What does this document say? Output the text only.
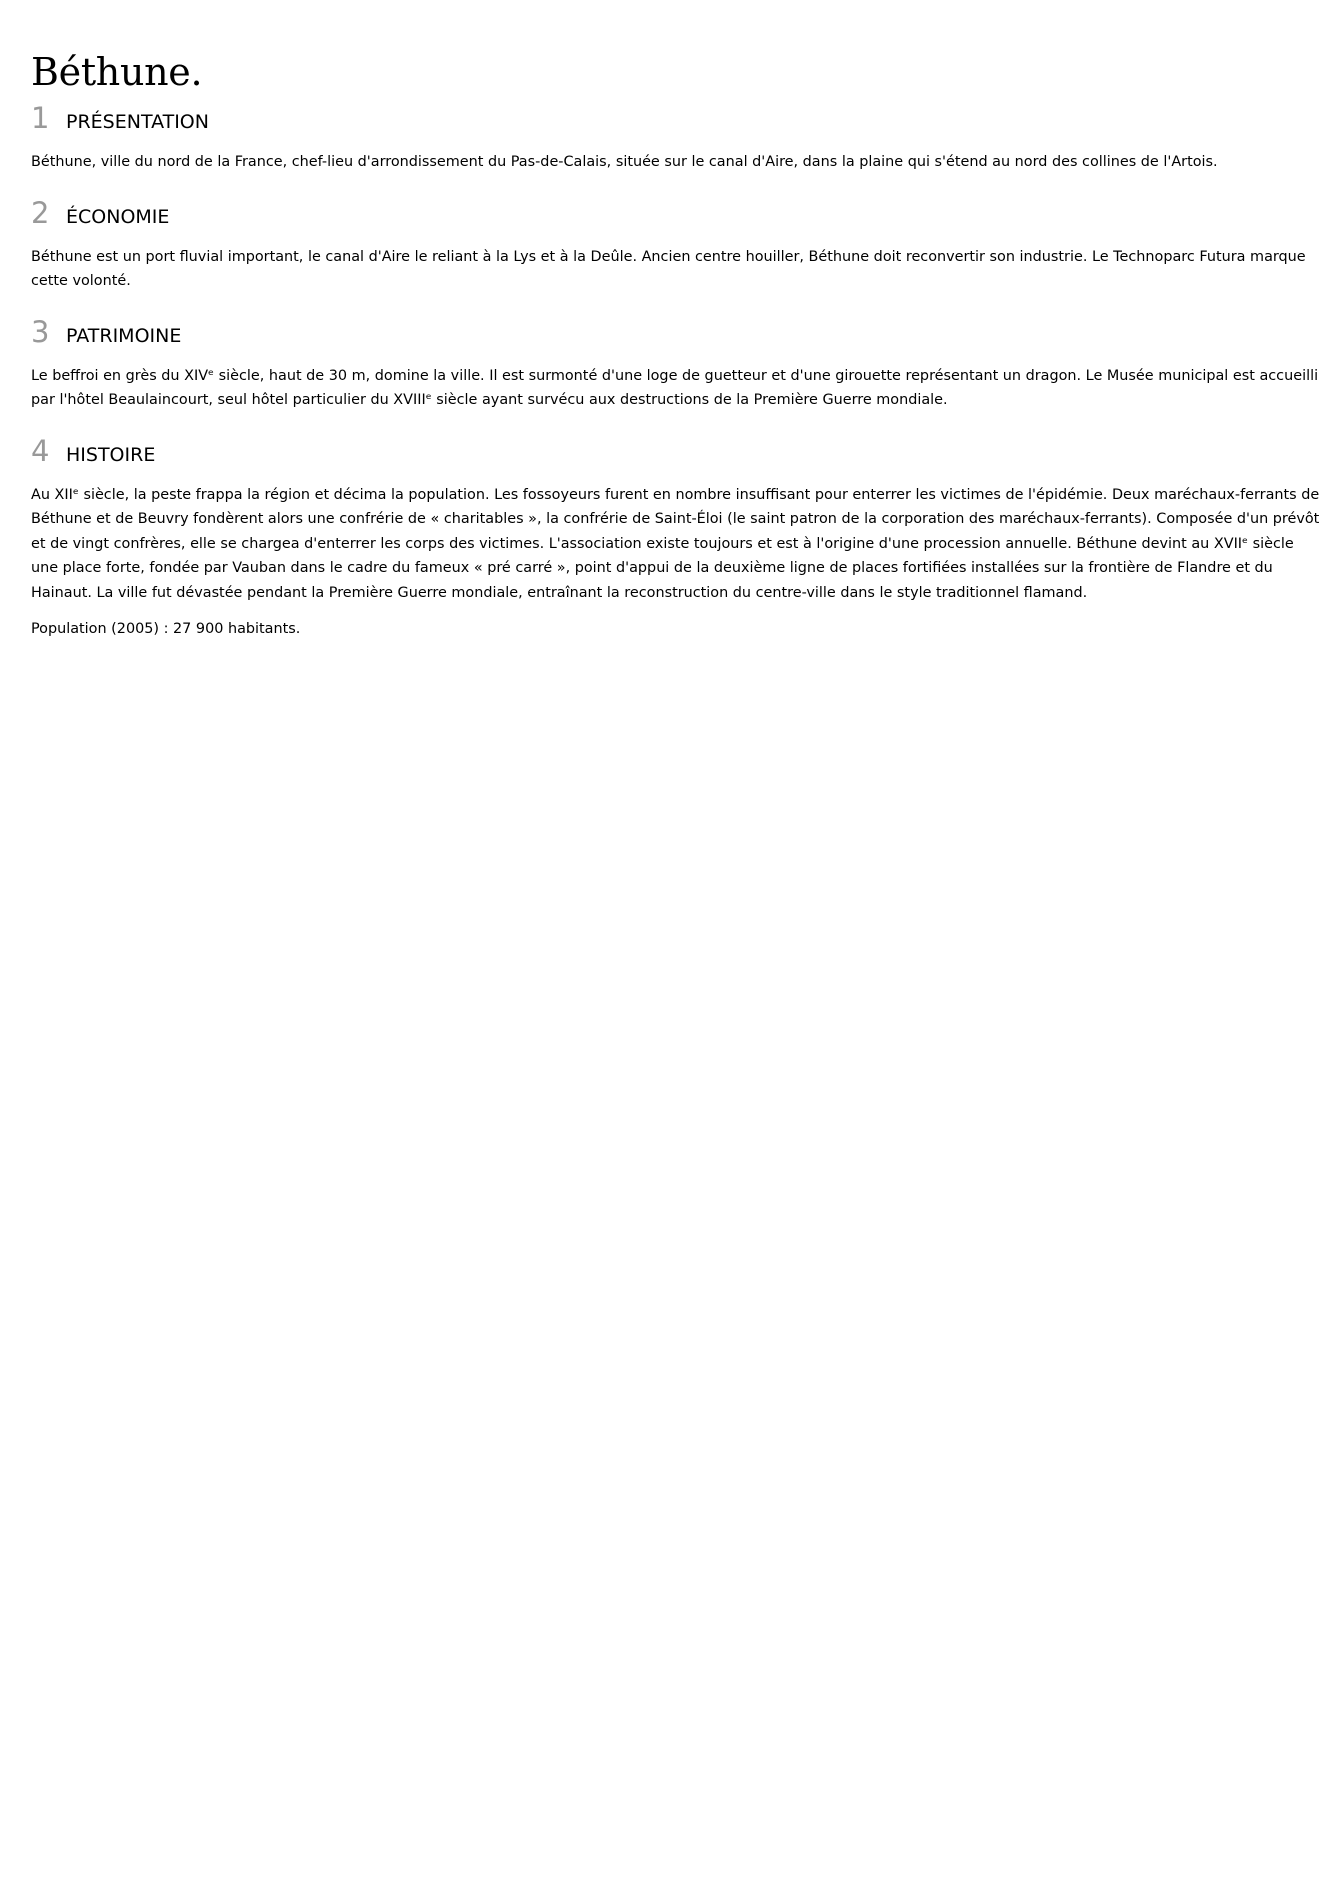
Béthune.
1 PRÉSENTATION

Béthune, ville du nord de la France, chef-lieu d'arrondissement du Pas-de-Calais, située sur le canal d'Aire, dans la plaine qui s'étend au nord des collines de l'Artois.

2 ÉCONOMIE

Béthune est un port fluvial important, le canal d'Aire le reliant à la Lys et à la Deûle. Ancien centre houiller, Béthune doit reconvertir son industrie. Le Technoparc Futura marque cette volonté.

3 PATRIMOINE

Le beffroi en grès du XIVᵉ siècle, haut de 30 m, domine la ville. Il est surmonté d'une loge de guetteur et d'une girouette représentant un dragon. Le Musée municipal est accueilli par l'hôtel Beaulaincourt, seul hôtel particulier du XVIIIᵉ siècle ayant survécu aux destructions de la Première Guerre mondiale.

4 HISTOIRE

Au XIIᵉ siècle, la peste frappa la région et décima la population. Les fossoyeurs furent en nombre insuffisant pour enterrer les victimes de l'épidémie. Deux maréchaux-ferrants de Béthune et de Beuvry fondèrent alors une confrérie de « charitables », la confrérie de Saint-Éloi (le saint patron de la corporation des maréchaux-ferrants). Composée d'un prévôt et de vingt confrères, elle se chargea d'enterrer les corps des victimes. L'association existe toujours et est à l'origine d'une procession annuelle. Béthune devint au XVIIᵉ siècle une place forte, fondée par Vauban dans le cadre du fameux « pré carré », point d'appui de la deuxième ligne de places fortifiées installées sur la frontière de Flandre et du Hainaut. La ville fut dévastée pendant la Première Guerre mondiale, entraînant la reconstruction du centre-ville dans le style traditionnel flamand.

Population (2005) : 27 900 habitants.
